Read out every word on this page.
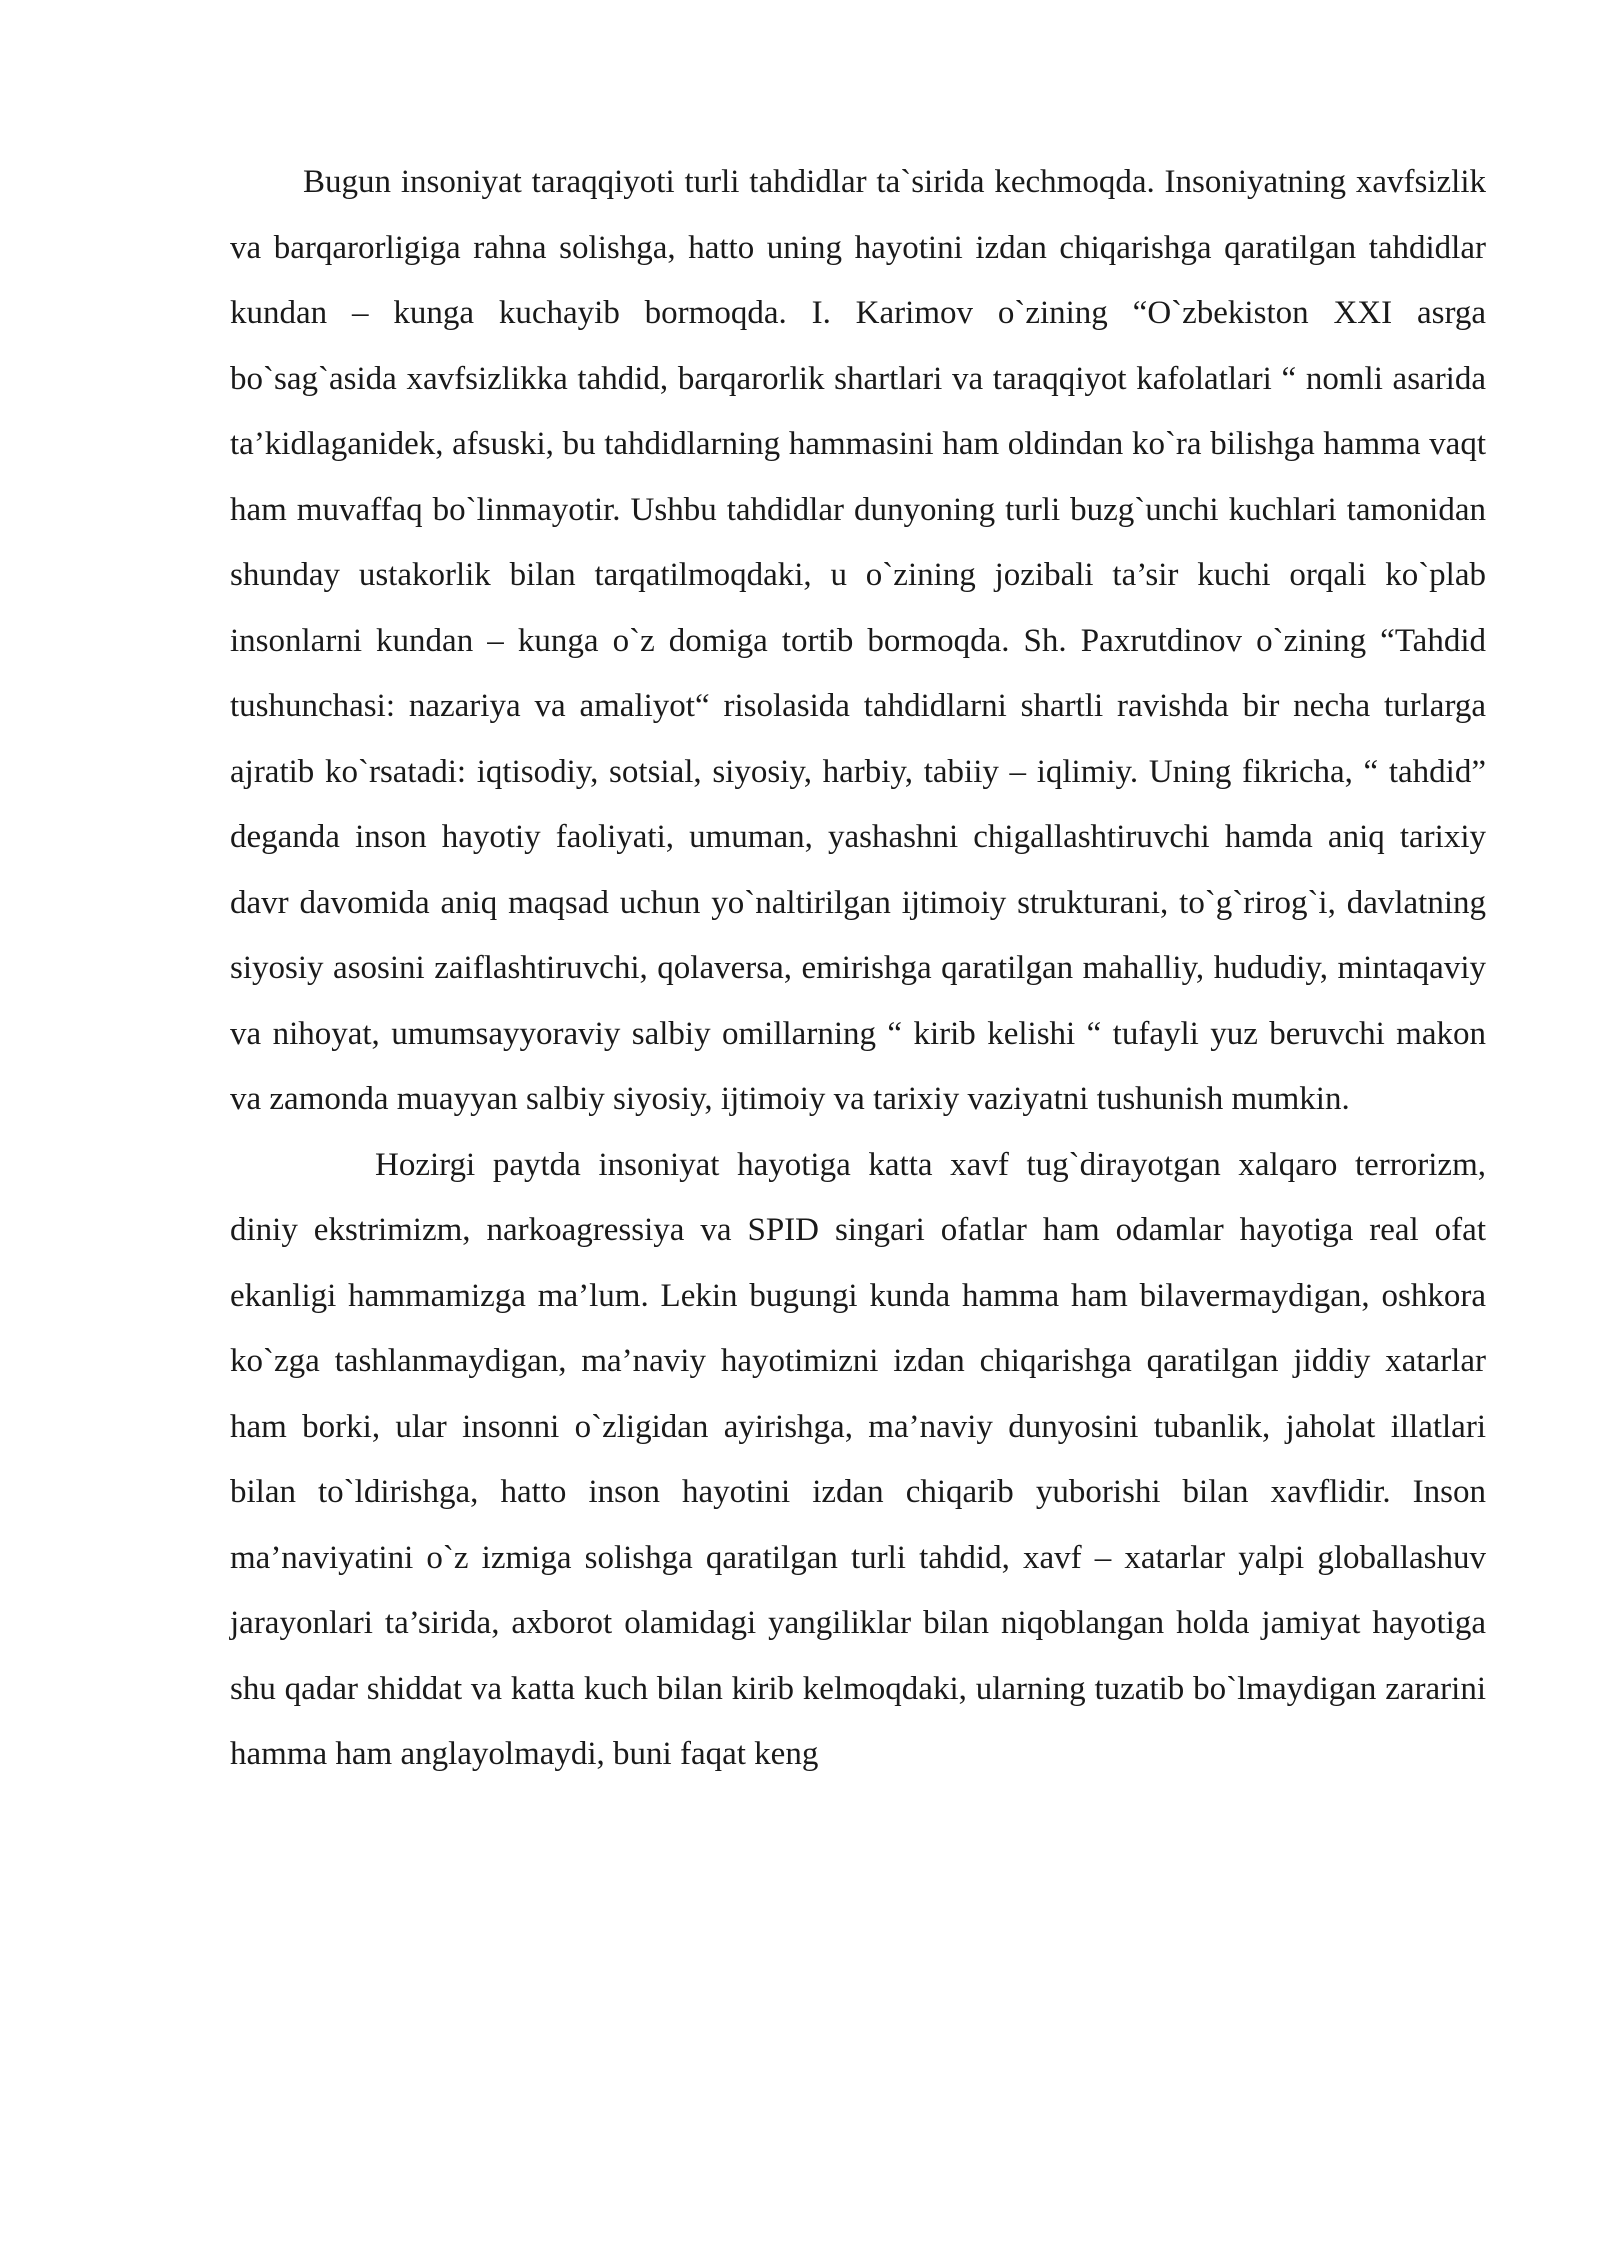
Bugun insoniyat taraqqiyoti turli tahdidlar ta`sirida kechmoqda. Insoniyatning xavfsizlik va barqarorligiga rahna solishga, hatto uning hayotini izdan chiqarishga qaratilgan tahdidlar kundan – kunga kuchayib bormoqda. I. Karimov o`zining “O`zbekiston XXI asrga bo`sag`asida xavfsizlikka tahdid, barqarorlik shartlari va taraqqiyot kafolatlari “ nomli asarida ta’kidlaganidek, afsuski, bu tahdidlarning hammasini ham oldindan ko`ra bilishga hamma vaqt ham muvaffaq bo`linmayotir. Ushbu tahdidlar dunyoning turli buzg`unchi kuchlari tamonidan shunday ustakorlik bilan tarqatilmoqdaki, u o`zining jozibali ta’sir kuchi orqali ko`plab insonlarni kundan – kunga o`z domiga tortib bormoqda. Sh. Paxrutdinov o`zining “Tahdid tushunchasi: nazariya va amaliyot“ risolasida tahdidlarni shartli ravishda bir necha turlarga ajratib ko`rsatadi: iqtisodiy, sotsial, siyosiy, harbiy, tabiiy – iqlimiy. Uning fikricha, “ tahdid” deganda inson hayotiy faoliyati, umuman, yashashni chigallashtiruvchi hamda aniq tarixiy davr davomida aniq maqsad uchun yo`naltirilgan ijtimoiy strukturani, to`g`rirog`i, davlatning siyosiy asosini zaiflashtiruvchi, qolaversa, emirishga qaratilgan mahalliy, hududiy, mintaqaviy va nihoyat, umumsayyoraviy salbiy omillarning “ kirib kelishi “ tufayli yuz beruvchi makon va zamonda muayyan salbiy siyosiy, ijtimoiy va tarixiy vaziyatni tushunish mumkin.

Hozirgi paytda insoniyat hayotiga katta xavf tug`dirayotgan xalqaro terrorizm, diniy ekstrimizm, narkoagressiya va SPID singari ofatlar ham odamlar hayotiga real ofat ekanligi hammamizga ma’lum. Lekin bugungi kunda hamma ham bilavermaydigan, oshkora ko`zga tashlanmaydigan, ma’naviy hayotimizni izdan chiqarishga qaratilgan jiddiy xatarlar ham borki, ular insonni o`zligidan ayirishga, ma’naviy dunyosini tubanlik, jaholat illatlari bilan to`ldirishga, hatto inson hayotini izdan chiqarib yuborishi bilan xavflidir. Inson ma’naviyatini o`z izmiga solishga qaratilgan turli tahdid, xavf – xatarlar yalpi globallashuv jarayonlari ta’sirida, axborot olamidagi yangiliklar bilan niqoblangan holda jamiyat hayotiga shu qadar shiddat va katta kuch bilan kirib kelmoqdaki, ularning tuzatib bo`lmaydigan zararini hamma ham anglayolmaydi, buni faqat keng
